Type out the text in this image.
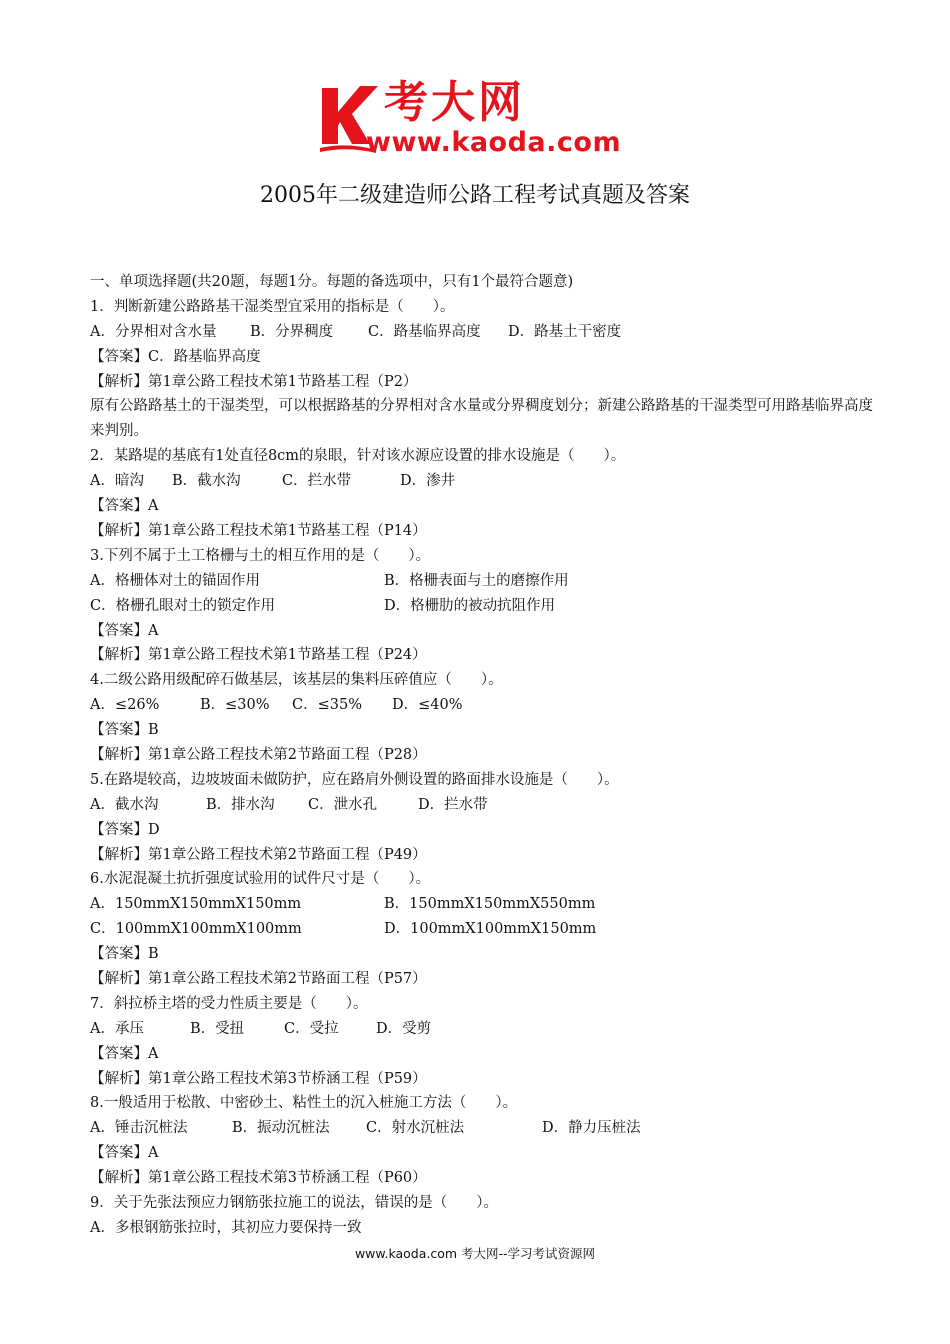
考大网
www.kaoda.com
2005年二级建造师公路工程考试真题及答案
一、单项选择题(共20题，每题1分。每题的备选项中，只有1个最符合题意)
1．判断新建公路路基干湿类型宜采用的指标是（　　）。
A．分界相对含水量 B．分界稠度 C．路基临界高度 D．路基土干密度
【答案】C．路基临界高度
【解析】第1章公路工程技术第1节路基工程（P2）
原有公路路基土的干湿类型，可以根据路基的分界相对含水量或分界稠度划分；新建公路路基的干湿类型可用路基临界高度来判别。
2．某路堤的基底有1处直径8cm的泉眼，针对该水源应设置的排水设施是（　　）。
A．暗沟 B．截水沟	C．拦水带	D．渗井
【答案】A
【解析】第1章公路工程技术第1节路基工程（P14）
3.下列不属于土工格栅与土的相互作用的是（　　）。
A．格栅体对土的锚固作用	B．格栅表面与土的磨擦作用
C．格栅孔眼对土的锁定作用	D．格栅肋的被动抗阻作用
【答案】A
【解析】第1章公路工程技术第1节路基工程（P24）
4.二级公路用级配碎石做基层，该基层的集料压碎值应（　　）。
A．≤26%	B．≤30% C．≤35% D．≤40%
【答案】B
【解析】第1章公路工程技术第2节路面工程（P28）
5.在路堤较高，边坡坡面未做防护，应在路肩外侧设置的路面排水设施是（　　）。
A．截水沟	B．排水沟 C．泄水孔	D．拦水带
【答案】D
【解析】第1章公路工程技术第2节路面工程（P49）
6.水泥混凝土抗折强度试验用的试件尺寸是（　　）。
A．150mmX150mmX150mm	B．150mmX150mmX550mm
C．100mmX100mmX100mm	D．100mmX100mmX150mm
【答案】B
【解析】第1章公路工程技术第2节路面工程（P57）
7．斜拉桥主塔的受力性质主要是（　　）。
A．承压	B．受扭	C．受拉	D．受剪
【答案】A
【解析】第1章公路工程技术第3节桥涵工程（P59）
8.一般适用于松散、中密砂土、粘性土的沉入桩施工方法（　　）。
A．锤击沉桩法	B．振动沉桩法	C．射水沉桩法	D．静力压桩法
【答案】A
【解析】第1章公路工程技术第3节桥涵工程（P60）
9．关于先张法预应力钢筋张拉施工的说法，错误的是（　　）。
A．多根钢筋张拉时，其初应力要保持一致
www.kaoda.com 考大网--学习考试资源网
